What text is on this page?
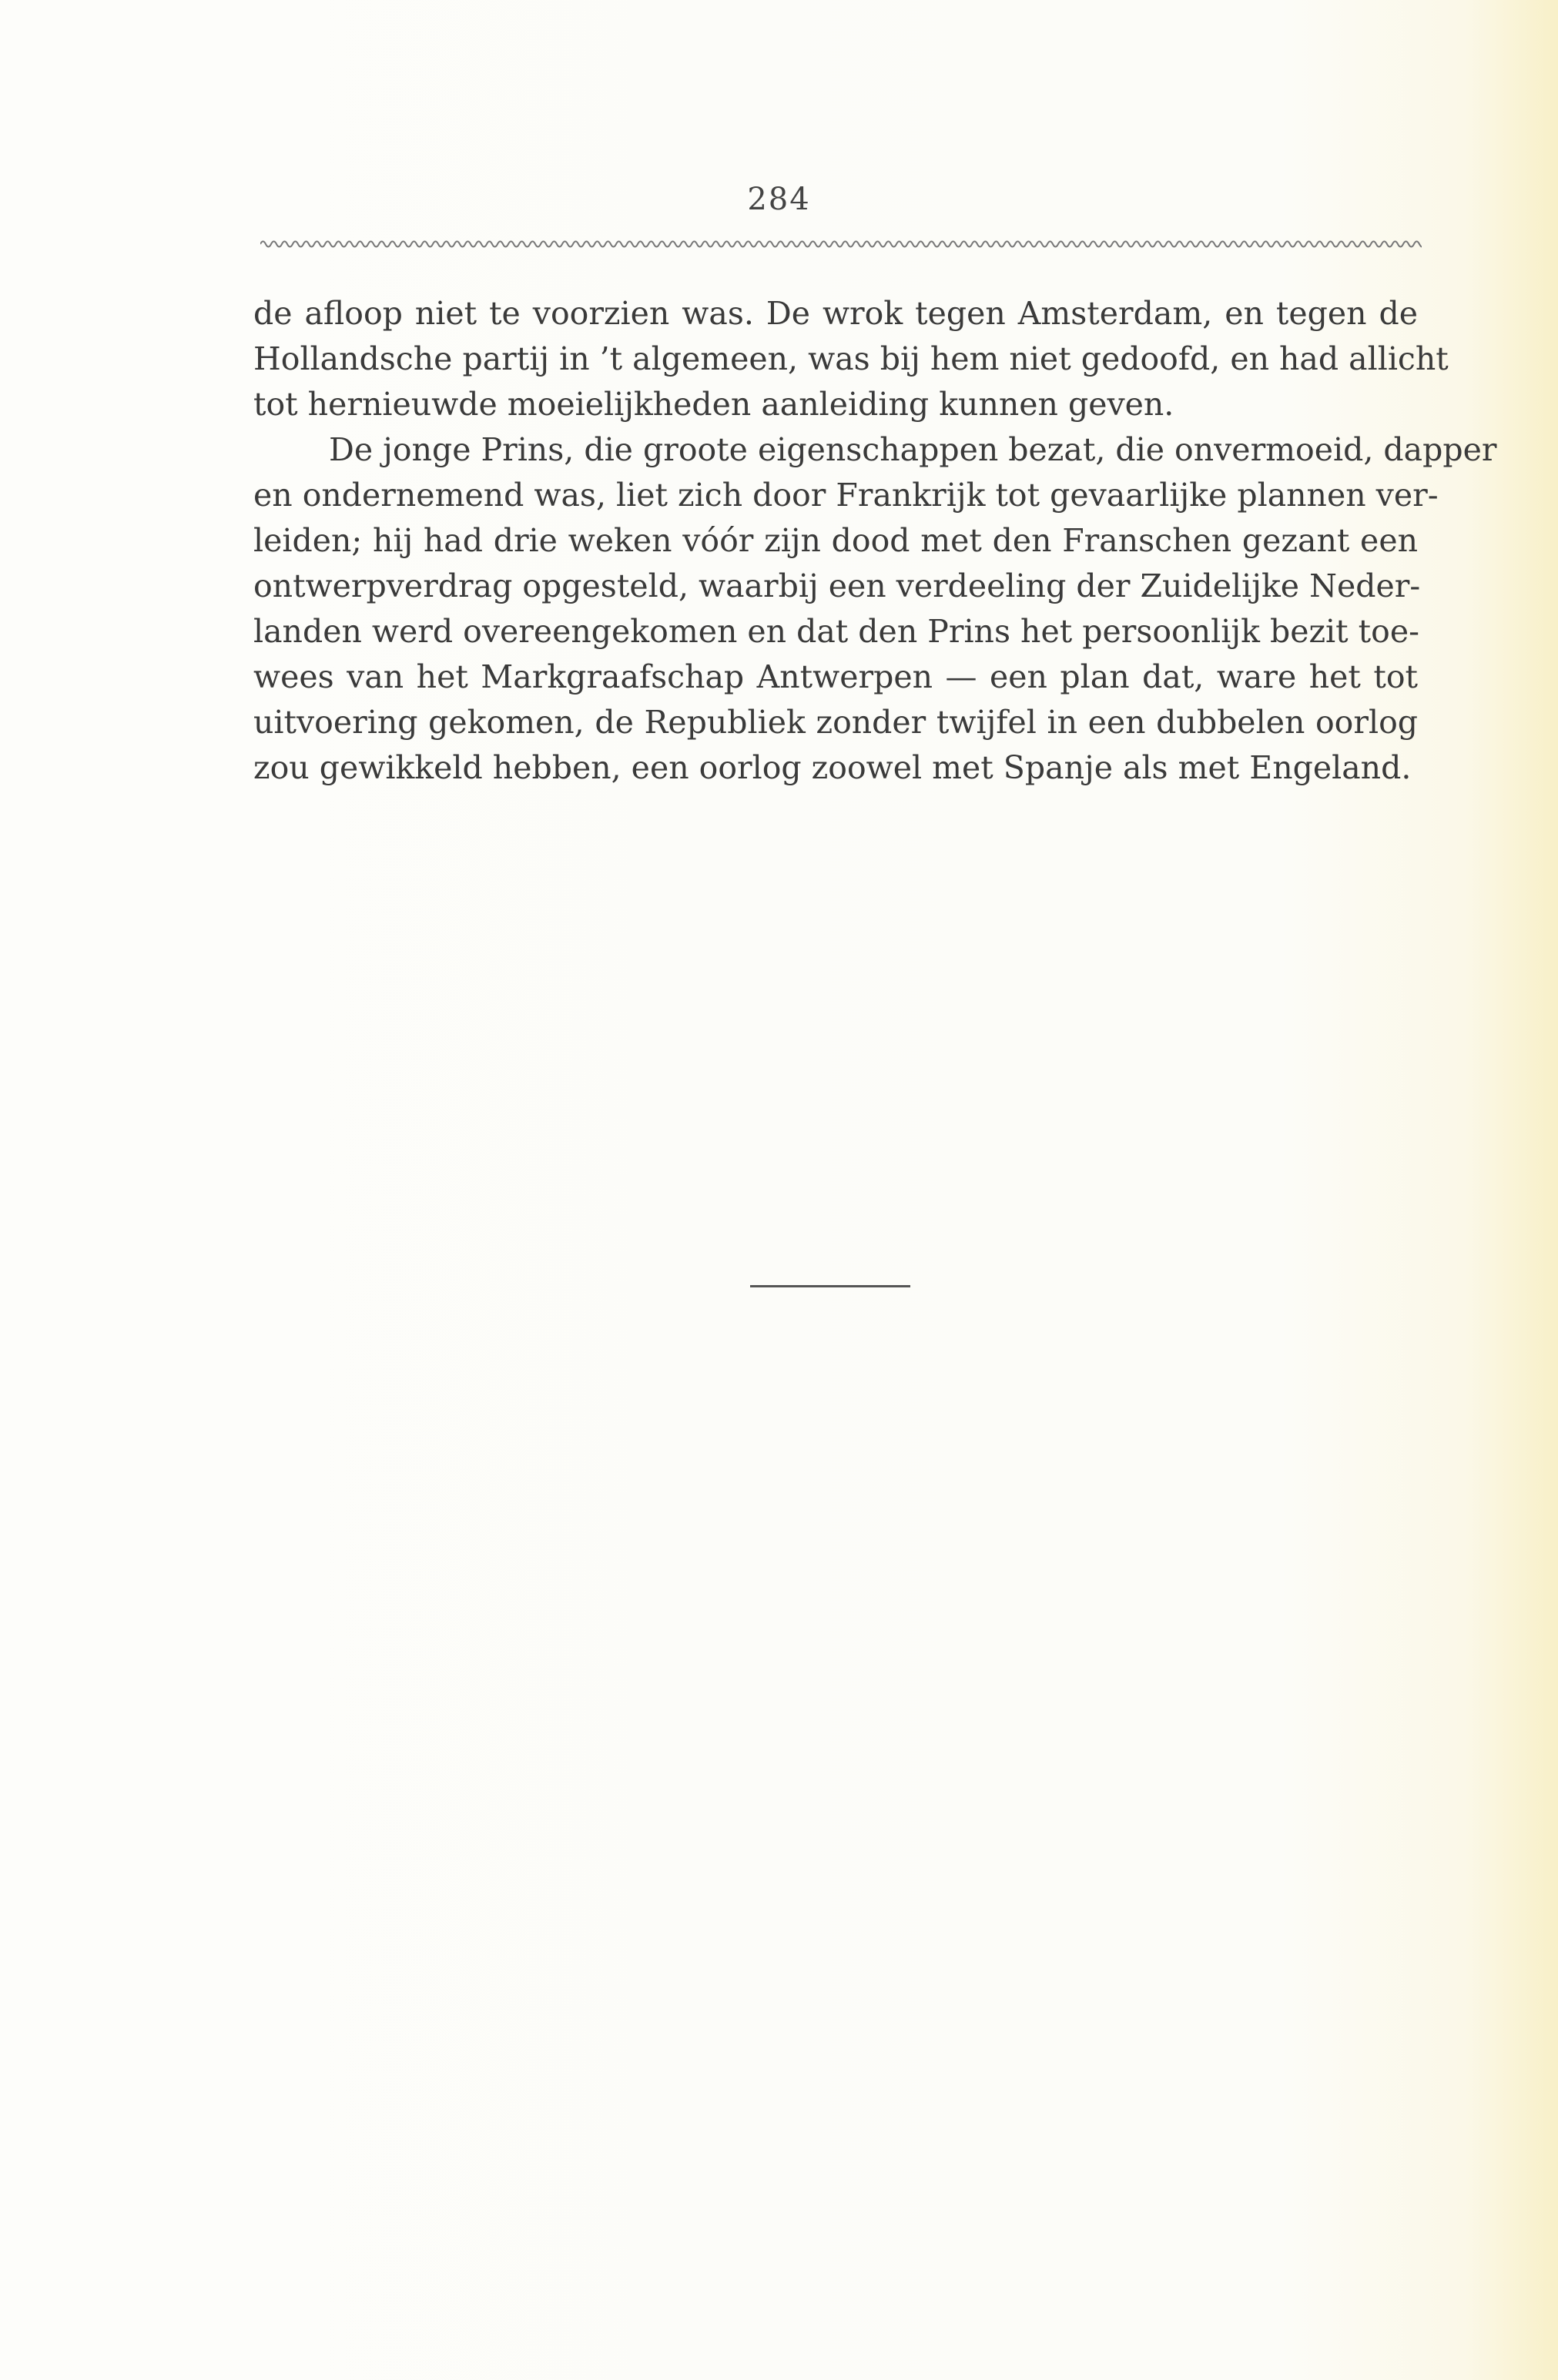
284
de afloop niet te voorzien was. De wrok tegen Amsterdam, en tegen de
Hollandsche partij in ’t algemeen, was bij hem niet gedoofd, en had allicht
tot hernieuwde moeielijkheden aanleiding kunnen geven.
De jonge Prins, die groote eigenschappen bezat, die onvermoeid, dapper
en ondernemend was, liet zich door Frankrijk tot gevaarlijke plannen ver-
leiden; hij had drie weken vóór zijn dood met den Franschen gezant een
ontwerpverdrag opgesteld, waarbij een verdeeling der Zuidelijke Neder-
landen werd overeengekomen en dat den Prins het persoonlijk bezit toe-
wees van het Markgraafschap Antwerpen — een plan dat, ware het tot
uitvoering gekomen, de Republiek zonder twijfel in een dubbelen oorlog
zou gewikkeld hebben, een oorlog zoowel met Spanje als met Engeland.
